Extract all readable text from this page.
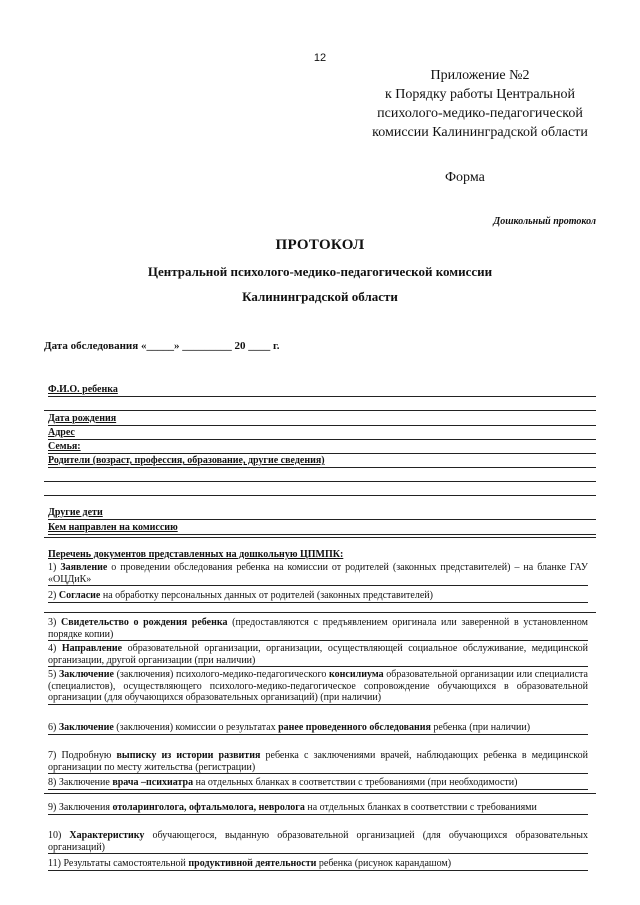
12
Приложение №2
к Порядку работы Центральной
психолого-медико-педагогической
комиссии Калининградской области
Форма
Дошкольный протокол
ПРОТОКОЛ
Центральной психолого-медико-педагогической комиссии
Калининградской области
Дата обследования «_____» _________ 20 ____ г.
Ф.И.О. ребенка
Дата рождения
Адрес
Семья:
Родители (возраст, профессия, образование, другие сведения)
Другие дети
Кем направлен на комиссию
Перечень документов представленных на дошкольную ЦПМПК:
1) Заявление о проведении обследования ребенка на комиссии от родителей (законных представителей) – на бланке ГАУ «ОЦДиК»
2) Согласие на обработку персональных данных от родителей (законных представителей)
3) Свидетельство о рождения ребенка (предоставляются с предъявлением оригинала или заверенной в установленном порядке копии)
4) Направление образовательной организации, организации, осуществляющей социальное обслуживание, медицинской организации, другой организации (при наличии)
5) Заключение (заключения) психолого-медико-педагогического консилиума образовательной организации или специалиста (специалистов), осуществляющего психолого-медико-педагогическое сопровождение обучающихся в образовательной организации (для обучающихся образовательных организаций) (при наличии)
6) Заключение (заключения) комиссии о результатах ранее проведенного обследования ребенка (при наличии)
7) Подробную выписку из истории развития ребенка с заключениями врачей, наблюдающих ребенка в медицинской организации по месту жительства (регистрации)
8) Заключение врача –психиатра на отдельных бланках в соответствии с требованиями (при необходимости)
9) Заключения отоларинголога, офтальмолога, невролога на отдельных бланках в соответствии с требованиями
10) Характеристику обучающегося, выданную образовательной организацией (для обучающихся образовательных организаций)
11) Результаты самостоятельной продуктивной деятельности ребенка (рисунок карандашом)
